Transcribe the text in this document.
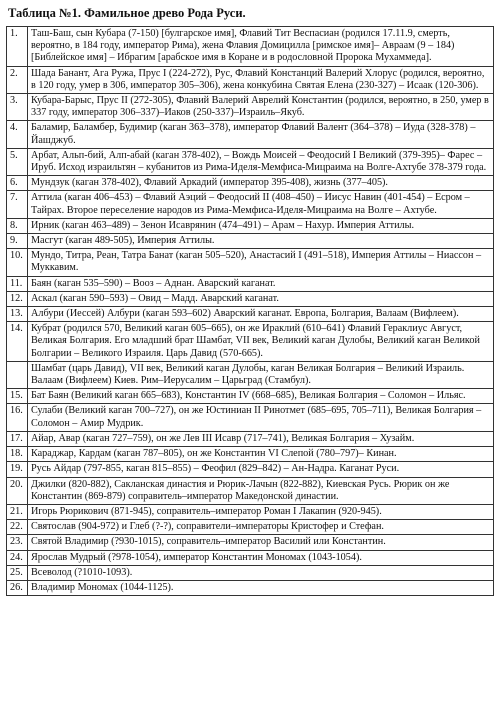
Таблица №1. Фамильное древо Рода Руси.
1.	Таш-Баш, сын Кубара (7-150) [булгарское имя], Флавий Тит Веспасиан (родился 17.11.9, смерть, вероятно, в 184 году, император Рима), жена Флавия Домицилла [римское имя]– Авраам (9 – 184) [Библейское имя] – Ибрагим [арабское имя в Коране и в родословной Пророка Мухаммеда].
2.	Шада Банант, Ага Ружа, Прус I (224-272), Рус, Флавий Констанций Валерий Хлорус (родился, вероятно, в 120 году, умер в 306, император 305–306), жена конкубина Святая Елена (230-327) – Исаак (120-306).
3.	Кубара-Барыс, Прус II (272-305), Флавий Валерий Аврелий Константин (родился, вероятно, в 250, умер в 337 году, император 306–337)–Иаков (250-337)–Израиль–Якуб.
4.	Баламир, Баламбер, Будимир (каган 363–378), император Флавий Валент (364–378) – Иуда (328-378) – Йашджуб.
5.	Арбат, Альп-бий, Алп-абай (каган 378-402), – Вождь Моисей – Феодосий I Великий (379-395)– Фарес – Ируб. Исход израильтян – кубанитов из Рима-Иделя-Мемфиса-Мицраима на Волге-Ахтубе 378-379 года.
6.	Мундзук (каган 378-402), Флавий Аркадий (император 395-408), жизнь (377–405).
7.	Аттила (каган 406–453) – Флавий Аэций – Феодосий II (408–450) – Иисус Навин (401-454) – Есром – Тайрах. Второе переселение народов из Рима-Мемфиса-Иделя-Мицраима на Волге – Ахтубе.
8.	Ирник (каган 463–489) – Зенон Исаврянин (474–491) – Арам – Нахур. Империя Аттилы.
9.	Масгут (каган 489-505), Империя Аттилы.
10.	Мундо, Титра, Реан, Татра Банат (каган 505–520), Анастасий I (491–518), Империя Аттилы – Ниассон – Муккавим.
11.	Баян (каган 535–590) – Вооз – Аднан. Аварский каганат.
12.	Аскал (каган 590–593) – Овид – Мадд. Аварский каганат.
13.	Албури (Иессей) Албури (каган 593–602) Аварский каганат. Европа, Болгария, Валаам (Вифлеем).
14.	Кубрат (родился 570, Великий каган 605–665), он же Ираклий (610–641) Флавий Гераклиус Август, Великая Болгария. Его младший брат Шамбат, VII век, Великий каган Дулобы, Великий каган Великой Болгарии – Великого Израиля. Царь Давид (570-665).
	Шамбат (царь Давид), VII век, Великий каган Дулобы, каган Великая Болгария – Великий Израиль. Валаам (Вифлеем) Киев. Рим–Иерусалим – Царьград (Стамбул).
15.	Бат Баян (Великий каган 665–683), Константин IV (668–685), Великая Болгария – Соломон – Ильяс.
16.	Сулаби (Великий каган 700–727), он же Юстиниан II Ринотмет (685–695, 705–711), Великая Болгария – Соломон – Амир Мудрик.
17.	Айар, Авар (каган 727–759), он же Лев III Исавр (717–741), Великая Болгария – Хузайм.
18.	Караджар, Кардам (каган 787–805), он же Константин VI Слепой (780–797)– Кинан.
19.	Русь Айдар (797-855, каган 815–855) – Феофил (829–842) – Ан-Надра. Каганат Руси.
20.	Джилки (820-882), Сакланская династия и Рюрик-Лачын (822-882), Киевская Русь. Рюрик он же Константин (869-879) соправитель–император Македонской династии.
21.	Игорь Рюрикович (871-945), соправитель–император Роман I Лакапин (920-945).
22.	Святослав (904-972) и Глеб (?-?), соправители–императоры Кристофер и Стефан.
23.	Святой Владимир (?930-1015), соправитель–император Василий или Константин.
24.	Ярослав Мудрый (?978-1054), император Константин Мономах (1043-1054).
25.	Всеволод (?1010-1093).
26.	Владимир Мономах (1044-1125).
